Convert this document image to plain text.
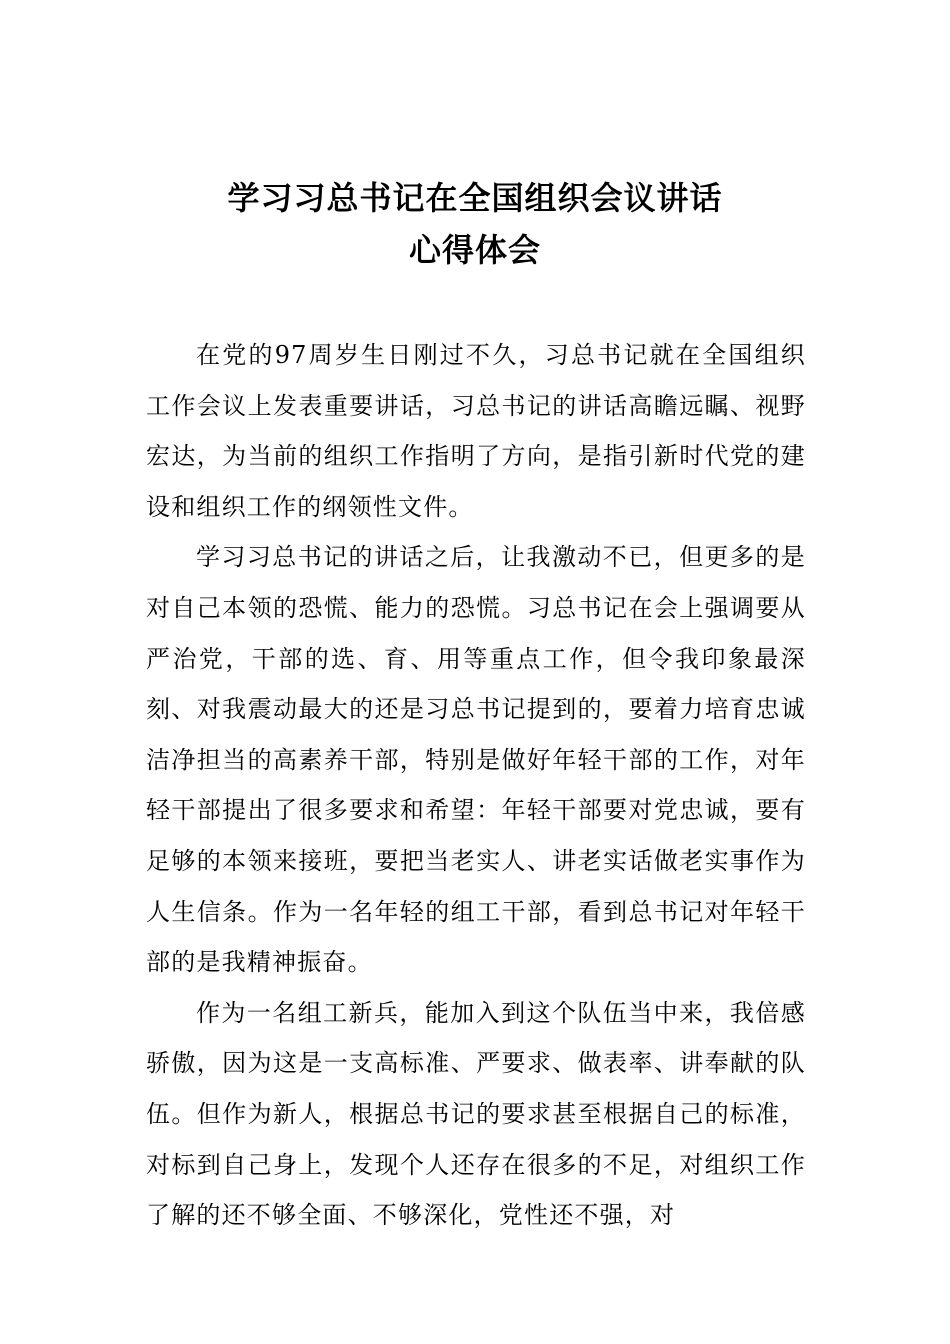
学习习总书记在全国组织会议讲话
心得体会

在党的97周岁生日刚过不久，习总书记就在全国组织工作会议上发表重要讲话，习总书记的讲话高瞻远瞩、视野宏达，为当前的组织工作指明了方向，是指引新时代党的建设和组织工作的纲领性文件。

学习习总书记的讲话之后，让我激动不已，但更多的是对自己本领的恐慌、能力的恐慌。习总书记在会上强调要从严治党，干部的选、育、用等重点工作，但令我印象最深刻、对我震动最大的还是习总书记提到的，要着力培育忠诚洁净担当的高素养干部，特别是做好年轻干部的工作，对年轻干部提出了很多要求和希望：年轻干部要对党忠诚，要有足够的本领来接班，要把当老实人、讲老实话做老实事作为人生信条。作为一名年轻的组工干部，看到总书记对年轻干部的是我精神振奋。

作为一名组工新兵，能加入到这个队伍当中来，我倍感骄傲，因为这是一支高标准、严要求、做表率、讲奉献的队伍。但作为新人，根据总书记的要求甚至根据自己的标准，对标到自己身上，发现个人还存在很多的不足，对组织工作了解的还不够全面、不够深化，党性还不强，对
